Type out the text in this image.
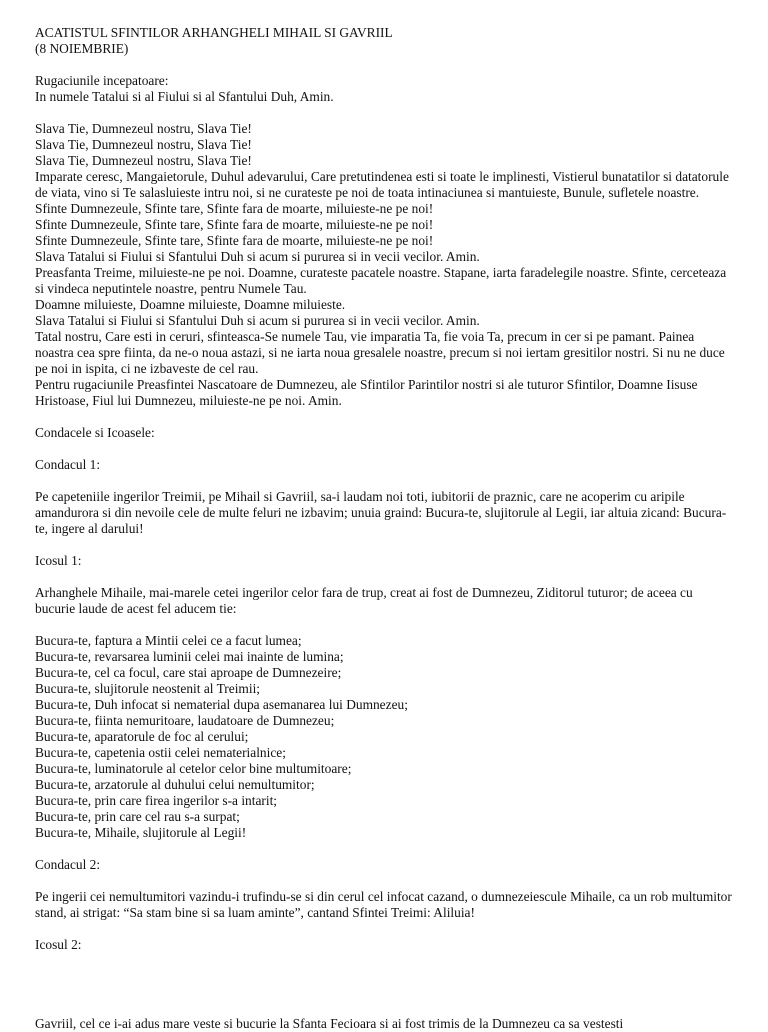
ACATISTUL SFINTILOR ARHANGHELI MIHAIL SI GAVRIIL
(8 NOIEMBRIE)
Rugaciunile incepatoare:
In numele Tatalui si al Fiului si al Sfantului Duh, Amin.
Slava Tie, Dumnezeul nostru, Slava Tie!
Slava Tie, Dumnezeul nostru, Slava Tie!
Slava Tie, Dumnezeul nostru, Slava Tie!
Imparate ceresc, Mangaietorule, Duhul adevarului, Care pretutindenea esti si toate le implinesti, Vistierul bunatatilor si datatorule de viata, vino si Te salasluieste intru noi, si ne curateste pe noi de toata intinaciunea si mantuieste, Bunule, sufletele noastre.
Sfinte Dumnezeule, Sfinte tare, Sfinte fara de moarte, miluieste-ne pe noi!
Sfinte Dumnezeule, Sfinte tare, Sfinte fara de moarte, miluieste-ne pe noi!
Sfinte Dumnezeule, Sfinte tare, Sfinte fara de moarte, miluieste-ne pe noi!
Slava Tatalui si Fiului si Sfantului Duh si acum si pururea si in vecii vecilor. Amin.
Preasfanta Treime, miluieste-ne pe noi. Doamne, curateste pacatele noastre. Stapane, iarta faradelegile noastre. Sfinte, cerceteaza si vindeca neputintele noastre, pentru Numele Tau.
Doamne miluieste, Doamne miluieste, Doamne miluieste.
Slava Tatalui si Fiului si Sfantului Duh si acum si pururea si in vecii vecilor. Amin.
Tatal nostru, Care esti in ceruri, sfinteasca-Se numele Tau, vie imparatia Ta, fie voia Ta, precum in cer si pe pamant. Painea noastra cea spre fiinta, da ne-o noua astazi, si ne iarta noua gresalele noastre, precum si noi iertam gresitilor nostri. Si nu ne duce pe noi in ispita, ci ne izbaveste de cel rau.
Pentru rugaciunile Preasfintei Nascatoare de Dumnezeu, ale Sfintilor Parintilor nostri si ale tuturor Sfintilor, Doamne Iisuse Hristoase, Fiul lui Dumnezeu, miluieste-ne pe noi. Amin.
Condacele si Icoasele:
Condacul 1:
Pe capeteniile ingerilor Treimii, pe Mihail si Gavriil, sa-i laudam noi toti, iubitorii de praznic, care ne acoperim cu aripile amandurora si din nevoile cele de multe feluri ne izbavim; unuia graind: Bucura-te, slujitorule al Legii, iar altuia zicand: Bucura-te, ingere al darului!
Icosul 1:
Arhanghele Mihaile, mai-marele cetei ingerilor celor fara de trup, creat ai fost de Dumnezeu, Ziditorul tuturor; de aceea cu bucurie laude de acest fel aducem tie:
Bucura-te, faptura a Mintii celei ce a facut lumea;
Bucura-te, revarsarea luminii celei mai inainte de lumina;
Bucura-te, cel ca focul, care stai aproape de Dumnezeire;
Bucura-te, slujitorule neostenit al Treimii;
Bucura-te, Duh infocat si nematerial dupa asemanarea lui Dumnezeu;
Bucura-te, fiinta nemuritoare, laudatoare de Dumnezeu;
Bucura-te, aparatorule de foc al cerului;
Bucura-te, capetenia ostii celei nematerialnice;
Bucura-te, luminatorule al cetelor celor bine multumitoare;
Bucura-te, arzatorule al duhului celui nemultumitor;
Bucura-te, prin care firea ingerilor s-a intarit;
Bucura-te, prin care cel rau s-a surpat;
Bucura-te, Mihaile, slujitorule al Legii!
Condacul 2:
Pe ingerii cei nemultumitori vazindu-i trufindu-se si din cerul cel infocat cazand, o dumnezeiescule Mihaile, ca un rob multumitor stand, ai strigat: “Sa stam bine si sa luam aminte”, cantand Sfintei Treimi: Aliluia!
Icosul 2:
Gavriil, cel ce i-ai adus mare veste si bucurie la Sfanta Fecioara si ai fost trimis de la Dumnezeu ca sa vestesti
